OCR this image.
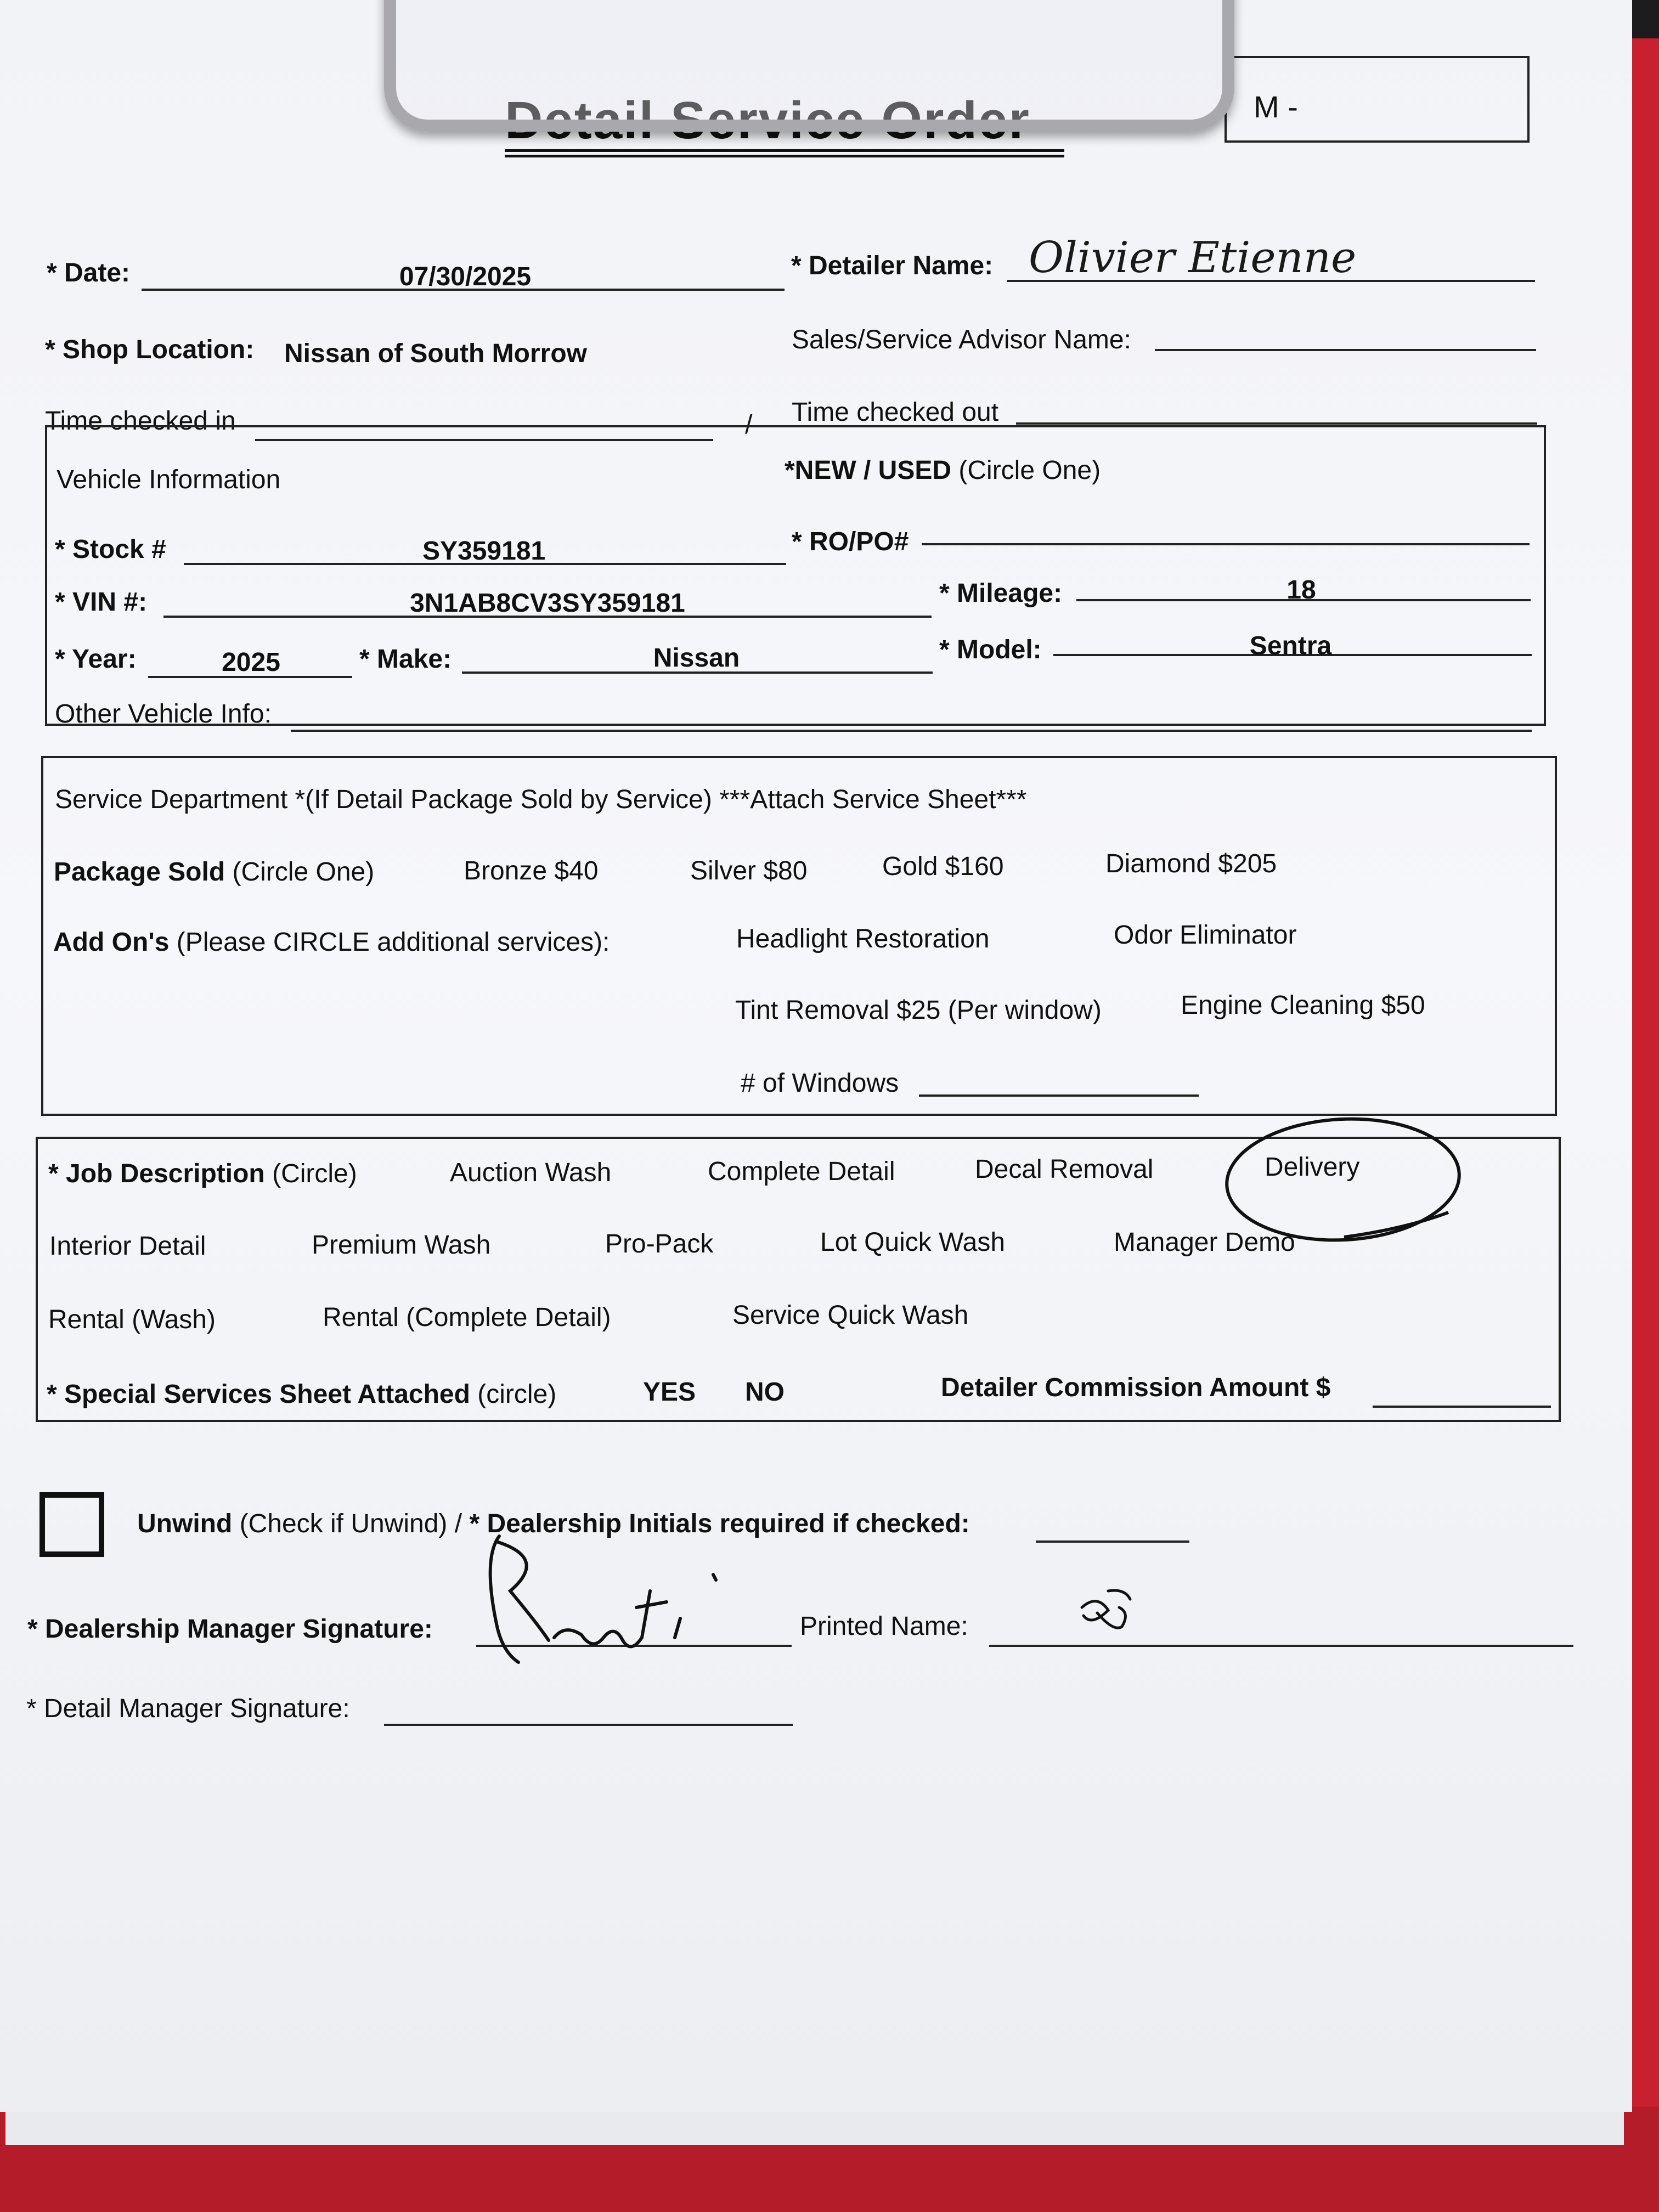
Detail Service Order	M -
* Date:	07/30/2025	* Detailer Name: Olivier Etienne
* Shop Location: Nissan of South Morrow	Sales/Service Advisor Name:
Time checked in	/ Time checked out
Vehicle Information	*NEW / USED (Circle One)
* Stock #	SY359181	* RO/PO#
* VIN #:	3N1AB8CV3SY359181	* Mileage:	18
* Year:	2025	* Make:	Nissan	* Model:	Sentra
Other Vehicle Info:
Service Department *(If Detail Package Sold by Service) ***Attach Service Sheet***
Package Sold (Circle One)	Bronze $40	Silver $80	Gold $160	Diamond $205
Add On's (Please CIRCLE additional services):	Headlight Restoration	Odor Eliminator
Tint Removal $25 (Per window)	Engine Cleaning $50
# of Windows
* Job Description (Circle)	Auction Wash	Complete Detail	Decal Removal	Delivery
Interior Detail	Premium Wash	Pro-Pack	Lot Quick Wash	Manager Demo
Rental (Wash)	Rental (Complete Detail)	Service Quick Wash
* Special Services Sheet Attached (circle)	YES NO	Detailer Commission Amount $
Unwind (Check if Unwind) / * Dealership Initials required if checked:
* Dealership Manager Signature:	Printed Name:
* Detail Manager Signature:
